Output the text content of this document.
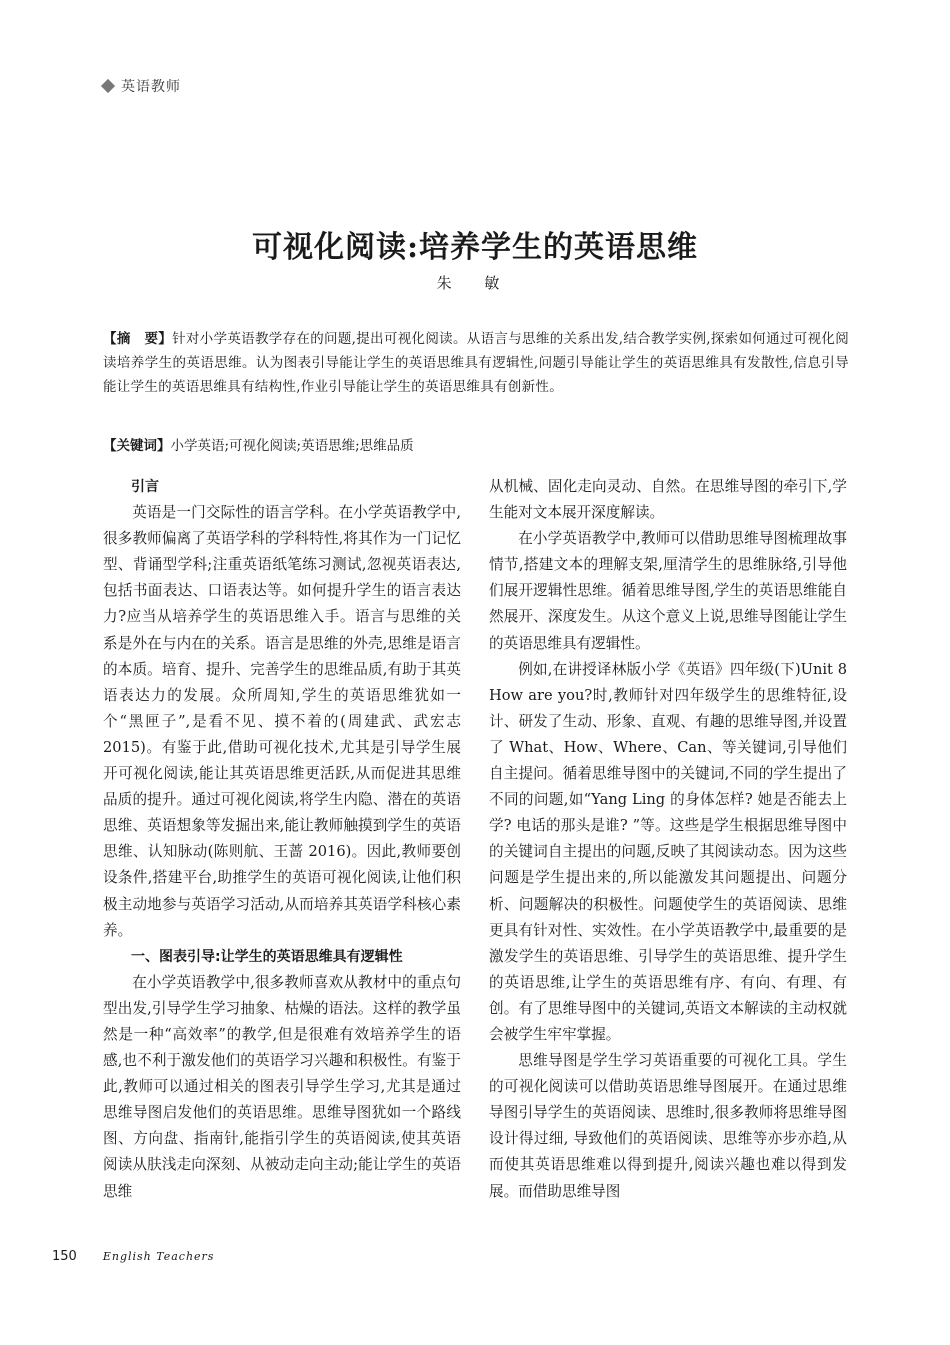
英语教师
可视化阅读:培养学生的英语思维
朱 敏
【摘　要】针对小学英语教学存在的问题,提出可视化阅读。从语言与思维的关系出发,结合教学实例,探索如何通过可视化阅读培养学生的英语思维。认为图表引导能让学生的英语思维具有逻辑性,问题引导能让学生的英语思维具有发散性,信息引导能让学生的英语思维具有结构性,作业引导能让学生的英语思维具有创新性。
【关键词】小学英语;可视化阅读;英语思维;思维品质
引言

英语是一门交际性的语言学科。在小学英语教学中,很多教师偏离了英语学科的学科特性,将其作为一门记忆型、背诵型学科;注重英语纸笔练习测试,忽视英语表达,包括书面表达、口语表达等。如何提升学生的语言表达力?应当从培养学生的英语思维入手。语言与思维的关系是外在与内在的关系。语言是思维的外壳,思维是语言的本质。培育、提升、完善学生的思维品质,有助于其英语表达力的发展。众所周知,学生的英语思维犹如一个“黑匣子”,是看不见、摸不着的(周建武、武宏志 2015)。有鉴于此,借助可视化技术,尤其是引导学生展开可视化阅读,能让其英语思维更活跃,从而促进其思维品质的提升。通过可视化阅读,将学生内隐、潜在的英语思维、英语想象等发掘出来,能让教师触摸到学生的英语思维、认知脉动(陈则航、王蔷 2016)。因此,教师要创设条件,搭建平台,助推学生的英语可视化阅读,让他们积极主动地参与英语学习活动,从而培养其英语学科核心素养。

一、图表引导:让学生的英语思维具有逻辑性

在小学英语教学中,很多教师喜欢从教材中的重点句型出发,引导学生学习抽象、枯燥的语法。这样的教学虽然是一种“高效率”的教学,但是很难有效培养学生的语感,也不利于激发他们的英语学习兴趣和积极性。有鉴于此,教师可以通过相关的图表引导学生学习,尤其是通过思维导图启发他们的英语思维。思维导图犹如一个路线图、方向盘、指南针,能指引学生的英语阅读,使其英语阅读从肤浅走向深刻、从被动走向主动;能让学生的英语思维

从机械、固化走向灵动、自然。在思维导图的牵引下,学生能对文本展开深度解读。

在小学英语教学中,教师可以借助思维导图梳理故事情节,搭建文本的理解支架,厘清学生的思维脉络,引导他们展开逻辑性思维。循着思维导图,学生的英语思维能自然展开、深度发生。从这个意义上说,思维导图能让学生的英语思维具有逻辑性。

例如,在讲授译林版小学《英语》四年级(下)Unit 8 How are you?时,教师针对四年级学生的思维特征,设计、研发了生动、形象、直观、有趣的思维导图,并设置了 What、How、Where、Can、等关键词,引导他们自主提问。循着思维导图中的关键词,不同的学生提出了不同的问题,如“Yang Ling 的身体怎样? 她是否能去上学? 电话的那头是谁? ”等。这些是学生根据思维导图中的关键词自主提出的问题,反映了其阅读动态。因为这些问题是学生提出来的,所以能激发其问题提出、问题分析、问题解决的积极性。问题使学生的英语阅读、思维更具有针对性、实效性。在小学英语教学中,最重要的是激发学生的英语思维、引导学生的英语思维、提升学生的英语思维,让学生的英语思维有序、有向、有理、有创。有了思维导图中的关键词,英语文本解读的主动权就会被学生牢牢掌握。

思维导图是学生学习英语重要的可视化工具。学生的可视化阅读可以借助英语思维导图展开。在通过思维导图引导学生的英语阅读、思维时,很多教师将思维导图设计得过细, 导致他们的英语阅读、思维等亦步亦趋,从而使其英语思维难以得到提升,阅读兴趣也难以得到发展。而借助思维导图

150 English Teachers
